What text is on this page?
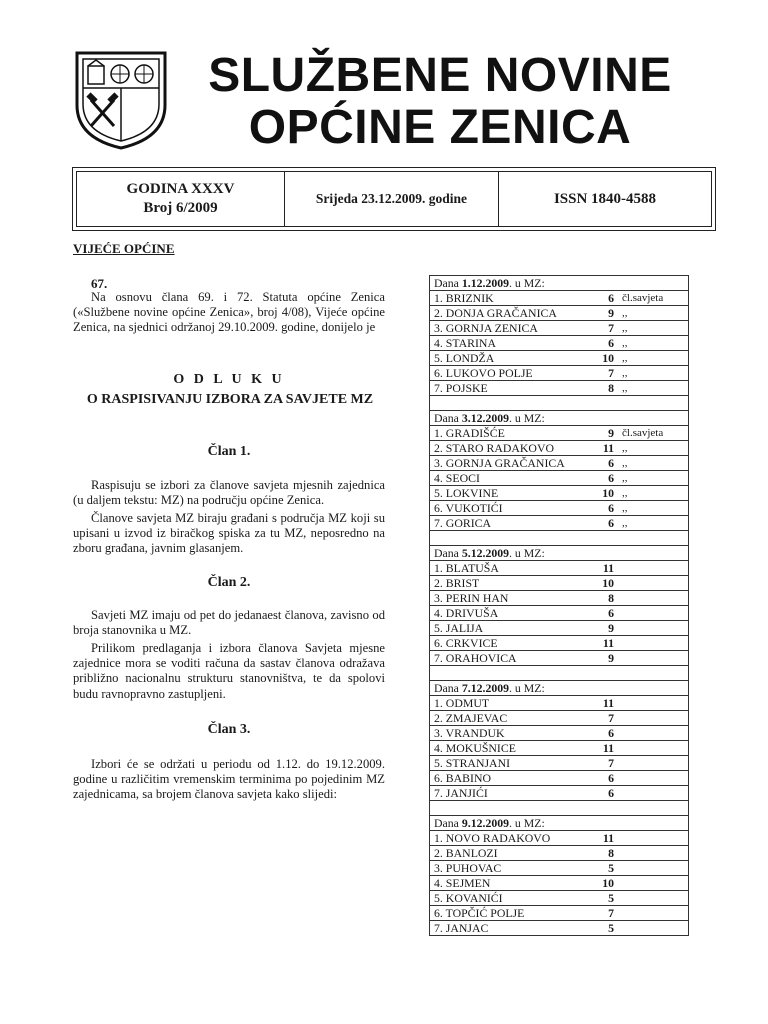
SLUŽBENE NOVINE
OPĆINE ZENICA
GODINA XXXV
Broj 6/2009
Srijeda 23.12.2009. godine	ISSN 1840-4588
VIJEĆE OPĆINE
67.
Na osnovu člana 69. i 72. Statuta općine Zenica («Službene novine općine Zenica», broj 4/08), Vijeće općine Zenica, na sjednici održanoj 29.10.2009. godine, donijelo je
O D L U K U
O RASPISIVANJU IZBORA ZA SAVJETE MZ
Član 1.
Raspisuju se izbori za članove savjeta mjesnih zajednica (u daljem tekstu: MZ) na području općine Zenica.
Članove savjeta MZ biraju građani s područja MZ koji su upisani u izvod iz biračkog spiska za tu MZ, neposredno na zboru građana, javnim glasanjem.
Član 2.
Savjeti MZ imaju od pet do jedanaest članova, zavisno od broja stanovnika u MZ.
Prilikom predlaganja i izbora članova Savjeta mjesne zajednice mora se voditi računa da sastav članova odražava približno nacionalnu strukturu stanovništva, te da spolovi budu ravnopravno zastupljeni.
Član 3.
Izbori će se održati u periodu od 1.12. do 19.12.2009. godine u različitim vremenskim terminima po pojedinim MZ zajednicama, sa brojem članova savjeta kako slijedi:
Dana 1.12.2009. u MZ:		
1. BRIZNIK	6	čl.savjeta
2. DONJA GRAČANICA	9	,,
3. GORNJA ZENICA	7	,,
4. STARINA	6	,,
5. LONDŽA	10	,,
6. LUKOVO POLJE	7	,,
7. POJSKE	8	,,

Dana 3.12.2009. u MZ:		
1. GRADIŠĆE	9	čl.savjeta
2. STARO RADAKOVO	11	,,
3. GORNJA GRAČANICA	6	,,
4. SEOCI	6	,,
5. LOKVINE	10	,,
6. VUKOTIĆI	6	,,
7. GORICA	6	,,

Dana 5.12.2009. u MZ:		
1. BLATUŠA	11	
2. BRIST	10	
3. PERIN HAN	8	
4. DRIVUŠA	6	
5. JALIJA	9	
6. CRKVICE	11	
7. ORAHOVICA	9	

Dana 7.12.2009. u MZ:		
1. ODMUT	11	
2. ZMAJEVAC	7	
3. VRANDUK	6	
4. MOKUŠNICE	11	
5. STRANJANI	7	
6. BABINO	6	
7. JANJIĆI	6	

Dana 9.12.2009. u MZ:		
1. NOVO RADAKOVO	11	
2. BANLOZI	8	
3. PUHOVAC	5	
4. SEJMEN	10	
5. KOVANIĆI	5	
6. TOPČIĆ POLJE	7	
7. JANJAC	5	
